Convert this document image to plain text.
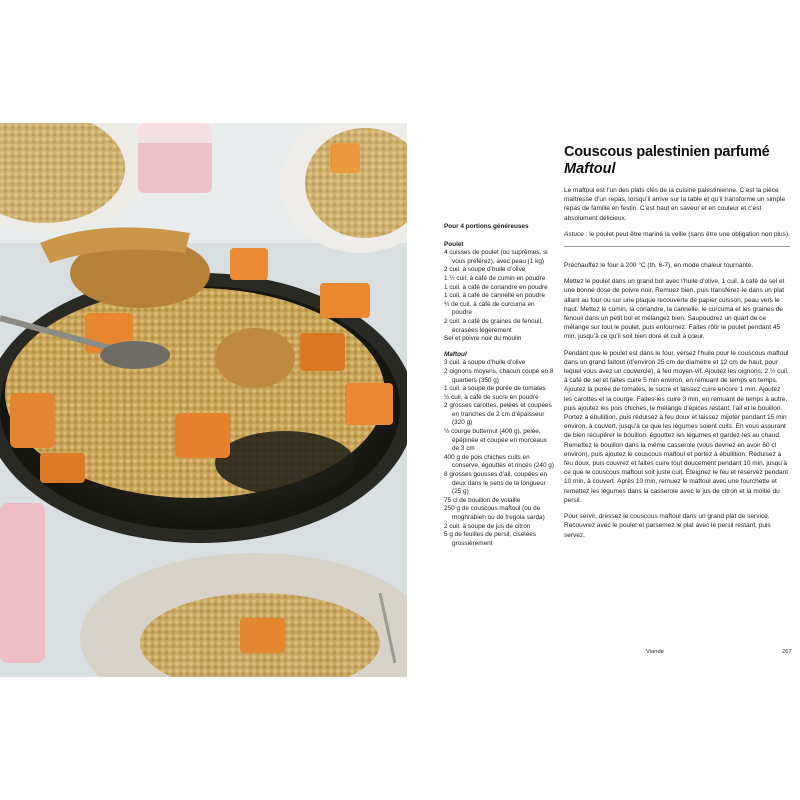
Pour 4 portions généreuses
Poulet
4 cuisses de poulet (ou suprêmes, si vous préférez), avec peau (1 kg)
2 cuil. à soupe d’huile d’olive
1 ½ cuil. à café de cumin en poudre
1 cuil. à café de coriandre en poudre
1 cuil. à café de cannelle en poudre
¾ de cuil. à café de curcuma en poudre
2 cuil. à café de graines de fenouil, écrasées légèrement
Sel et poivre noir du moulin
Maftoul
3 cuil. à soupe d’huile d’olive
2 oignons moyens, chacun coupé en 8 quartiers (350 g)
1 cuil. à soupe de purée de tomates
½ cuil. à café de sucre en poudre
2 grosses carottes, pelées et coupées en tranches de 2 cm d’épaisseur (320 g)
½ courge butternut (400 g), pelée, épépinée et coupée en morceaux de 3 cm
400 g de pois chiches cuits en conserve, égouttés et rincés (240 g)
8 grosses gousses d’ail, coupées en deux dans le sens de la longueur (25 g)
75 cl de bouillon de volaille
250 g de couscous maftoul (ou de moghrabieh ou de fregola sarda)
2 cuil. à soupe de jus de citron
5 g de feuilles de persil, ciselées grossièrement
Couscous palestinien parfumé
Maftoul

Le maftoul est l’un des plats clés de la cuisine palestinienne. C’est la pièce maîtresse d’un repas, lorsqu’il arrive sur la table et qu’il transforme un simple repas de famille en festin. C’est haut en saveur et en couleur et c’est absolument délicieux.

Astuce : le poulet peut être mariné la veille (sans être une obligation non plus).

Préchauffez le four à 200 °C (th. 6-7), en mode chaleur tournante.

Mettez le poulet dans un grand bol avec l’huile d’olive, 1 cuil. à café de sel et une bonne dose de poivre noir. Remuez bien, puis transférez-le dans un plat allant au four ou sur une plaque recouverte de papier cuisson, peau vers le haut. Mettez le cumin, la coriandre, la cannelle, le curcuma et les graines de fenouil dans un petit bol et mélangez bien. Saupoudrez un quart de ce mélange sur tout le poulet, puis enfournez. Faites rôtir le poulet pendant 45 min, jusqu’à ce qu’il soit bien doré et cuit à cœur.

Pendant que le poulet est dans le four, versez l’huile pour le couscous maftoul dans un grand faitout (d’environ 25 cm de diamètre et 12 cm de haut, pour lequel vous avez un couvercle), à feu moyen-vif. Ajoutez les oignons, 2 ½ cuil. à café de sel et faites cuire 5 min environ, en remuant de temps en temps. Ajoutez la purée de tomates, le sucre et laissez cuire encore 1 min. Ajoutez les carottes et la courge. Faites-les cuire 3 min, en remuant de temps à autre, puis ajoutez les pois chiches, le mélange d’épices restant, l’ail et le bouillon. Portez à ébullition, puis réduisez à feu doux et laissez mijoter pendant 15 min environ, à couvert, jusqu’à ce que les légumes soient cuits. En vous assurant de bien récupérer le bouillon, égouttez les légumes et gardez-les au chaud. Remettez le bouillon dans la même casserole (vous devriez en avoir 60 cl environ), puis ajoutez le couscous maftoul et portez à ébullition. Réduisez à feu doux, puis couvrez et faites cuire tout doucement pendant 10 min, jusqu’à ce que le couscous maftoul soit juste cuit. Éteignez le feu et réservez pendant 10 min, à couvert. Après 10 min, remuez le maftoul avec une fourchette et remettez les légumes dans la casserole avec le jus de citron et la moitié du persil.

Pour servir, dressez le couscous maftoul dans un grand plat de service. Recouvrez avec le poulet et parsemez le plat avec le persil restant, puis servez.

Viande	267
